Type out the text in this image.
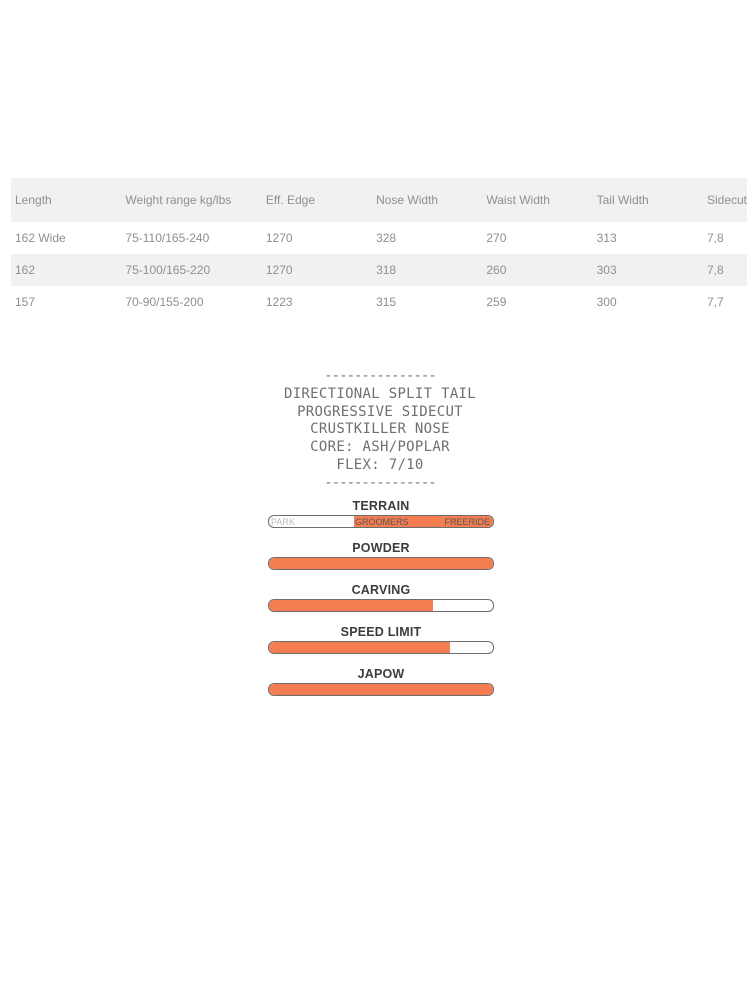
Length	Weight range kg/lbs	Eff. Edge	Nose Width	Waist Width	Tail Width	Sidecut
162 Wide	75-110/165-240	1270	328	270	313	7,8
162	75-100/165-220	1270	318	260	303	7,8
157	70-90/155-200	1223	315	259	300	7,7
---------------
DIRECTIONAL SPLIT TAIL
PROGRESSIVE SIDECUT
CRUSTKILLER NOSE
CORE: ASH/POPLAR
FLEX: 7/10
---------------
TERRAIN
PARK	GROOMERS	FREERIDE
POWDER
CARVING
SPEED LIMIT
JAPOW
